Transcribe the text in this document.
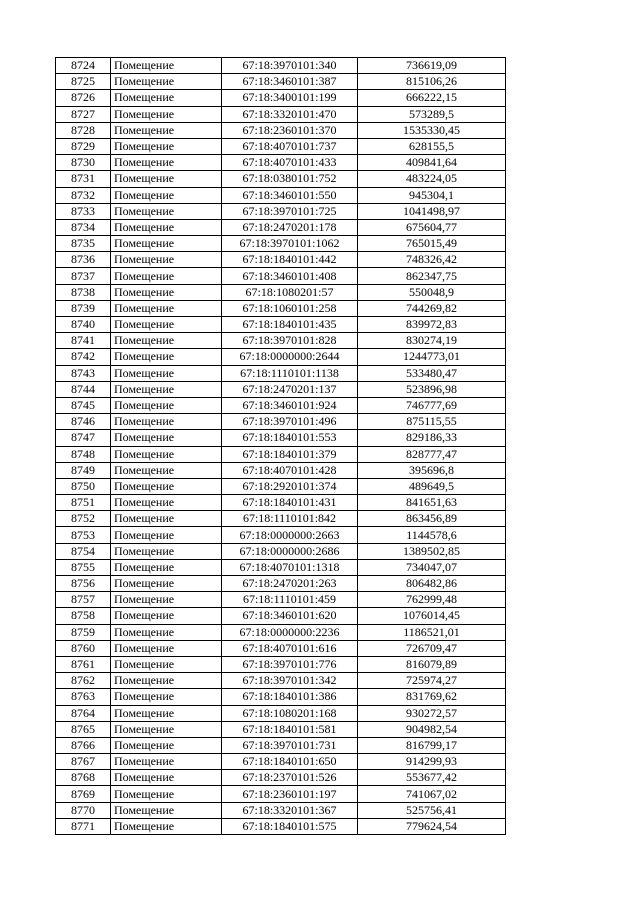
8724	Помещение	67:18:3970101:340	736619,09
8725	Помещение	67:18:3460101:387	815106,26
8726	Помещение	67:18:3400101:199	666222,15
8727	Помещение	67:18:3320101:470	573289,5
8728	Помещение	67:18:2360101:370	1535330,45
8729	Помещение	67:18:4070101:737	628155,5
8730	Помещение	67:18:4070101:433	409841,64
8731	Помещение	67:18:0380101:752	483224,05
8732	Помещение	67:18:3460101:550	945304,1
8733	Помещение	67:18:3970101:725	1041498,97
8734	Помещение	67:18:2470201:178	675604,77
8735	Помещение	67:18:3970101:1062	765015,49
8736	Помещение	67:18:1840101:442	748326,42
8737	Помещение	67:18:3460101:408	862347,75
8738	Помещение	67:18:1080201:57	550048,9
8739	Помещение	67:18:1060101:258	744269,82
8740	Помещение	67:18:1840101:435	839972,83
8741	Помещение	67:18:3970101:828	830274,19
8742	Помещение	67:18:0000000:2644	1244773,01
8743	Помещение	67:18:1110101:1138	533480,47
8744	Помещение	67:18:2470201:137	523896,98
8745	Помещение	67:18:3460101:924	746777,69
8746	Помещение	67:18:3970101:496	875115,55
8747	Помещение	67:18:1840101:553	829186,33
8748	Помещение	67:18:1840101:379	828777,47
8749	Помещение	67:18:4070101:428	395696,8
8750	Помещение	67:18:2920101:374	489649,5
8751	Помещение	67:18:1840101:431	841651,63
8752	Помещение	67:18:1110101:842	863456,89
8753	Помещение	67:18:0000000:2663	1144578,6
8754	Помещение	67:18:0000000:2686	1389502,85
8755	Помещение	67:18:4070101:1318	734047,07
8756	Помещение	67:18:2470201:263	806482,86
8757	Помещение	67:18:1110101:459	762999,48
8758	Помещение	67:18:3460101:620	1076014,45
8759	Помещение	67:18:0000000:2236	1186521,01
8760	Помещение	67:18:4070101:616	726709,47
8761	Помещение	67:18:3970101:776	816079,89
8762	Помещение	67:18:3970101:342	725974,27
8763	Помещение	67:18:1840101:386	831769,62
8764	Помещение	67:18:1080201:168	930272,57
8765	Помещение	67:18:1840101:581	904982,54
8766	Помещение	67:18:3970101:731	816799,17
8767	Помещение	67:18:1840101:650	914299,93
8768	Помещение	67:18:2370101:526	553677,42
8769	Помещение	67:18:2360101:197	741067,02
8770	Помещение	67:18:3320101:367	525756,41
8771	Помещение	67:18:1840101:575	779624,54
